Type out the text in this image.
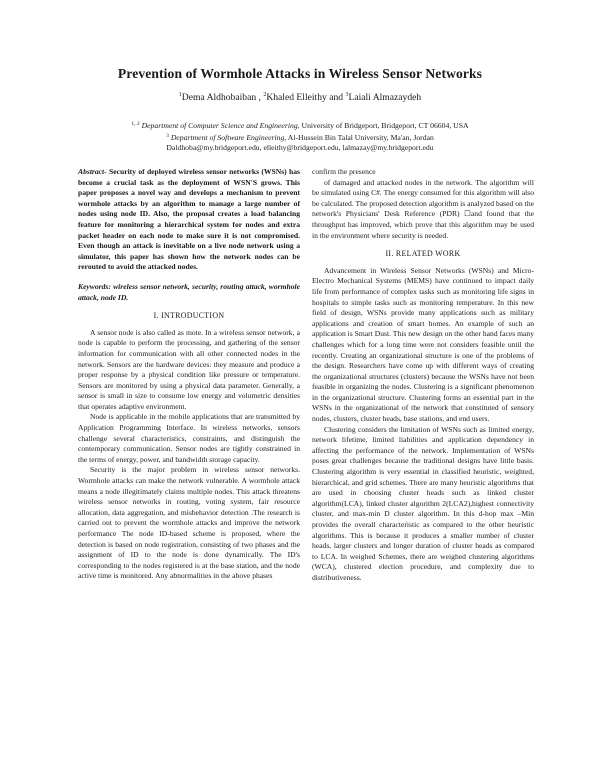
Prevention of Wormhole Attacks in Wireless Sensor Networks
$^1$Dema Aldhobaiban , $^2$Khaled Elleithy and $^3$Laiali Almazaydeh
$^{1, 2}$ Department of Computer Science and Engineering, University of Bridgeport, Bridgeport, CT 06604, USA
$^3$ Department of Software Engineering, Al-Hussein Bin Talal University, Ma'an, Jordan
Daldhoba@my.bridgeport.edu, elleithy@bridgeport.edu, lalmazay@my.bridgeport.edu

Abstract- Security of deployed wireless sensor networks (WSNs) has become a crucial task as the deployment of WSN'S grows. This paper proposes a novel way and develops a mechanism to prevent wormhole attacks by an algorithm to manage a large number of nodes using node ID. Also, the proposal creates a load balancing feature for monitoring a hierarchical system for nodes and extra packet header on each node to make sure it is not compromised. Even though an attack is inevitable on a live node network using a simulator, this paper has shown how the network nodes can be rerouted to avoid the attacked nodes.

Keywords: wireless sensor network, security, routing attack, wormhole attack, node ID.

I. INTRODUCTION

A sensor node is also called as mote. In a wireless sensor network, a node is capable to perform the processing, and gathering of the sensor information for communication with all other connected nodes in the network. Sensors are the hardware devices: they measure and produce a proper response by a physical condition like pressure or temperature. Sensors are monitored by using a physical data parameter. Generally, a sensor is small in size to consume low energy and volumetric densities that operates adaptive environment.

Node is applicable in the mobile applications that are transmitted by Application Programming Interface. In wireless networks, sensors challenge several characteristics, constraints, and distinguish the contemporary communication. Sensor nodes are tightly constrained in the terms of energy, power, and bandwidth storage capacity.

Security is the major problem in wireless sensor networks. Wormhole attacks can make the network vulnerable. A wormhole attack means a node illegitimately claims multiple nodes. This attack threatens wireless sensor networks in routing, voting system, fair resource allocation, data aggregation, and misbehavior detection .The research is carried out to prevent the wormhole attacks and improve the network performance The node ID-based scheme is proposed, where the detection is based on node registration, consisting of two phases and the assignment of ID to the node is done dynamically. The ID's corresponding to the nodes registered is at the base station, and the node active time is monitored. Any abnormalities in the above phases

confirm the presence

of damaged and attacked nodes in the network. The algorithm will be simulated using C#. The energy consumed for this algorithm will also be calculated. The proposed detection algorithm is analyzed based on the network's Physicians' Desk Reference (PDR) ☐and found that the throughput has improved, which prove that this algorithm may be used in the environment where security is needed.

II. RELATED WORK

Advancement in Wireless Sensor Networks (WSNs) and Micro-Electro Mechanical Systems (MEMS) have continued to impact daily life from performance of complex tasks such as monitoring life signs in hospitals to simple tasks such as monitoring temperature. In this new field of design, WSNs provide many applications such as military applications and creation of smart homes. An example of such an application is Smart Dust. This new design on the other hand faces many challenges which for a long time were not considers feasible until the recently. Creating an organizational structure is one of the problems of the design. Researchers have come up with different ways of creating the organizational structures (clusters) because the WSNs have not been feasible in organizing the nodes. Clustering is a significant phenomenon in the organizational structure. Clustering forms an essential part in the WSNs in the organizational of the network that constituted of sensory nodes, clusters, cluster heads, base stations, and end users.

Clustering considers the limitation of WSNs such as limited energy, network lifetime, limited liabilities and application dependency in affecting the performance of the network. Implementation of WSNs poses great challenges because the traditional designs have little basis. Clustering algorithm is very essential in classified heuristic, weighted, hierarchical, and grid schemes. There are many heuristic algorithms that are used in choosing cluster heads such as linked cluster algorithm(LCA), linked cluster algorithm 2(LCA2),highest connectivity cluster, and max-min D cluster algorithm. In this d-hop max –Min provides the overall characteristic as compared to the other heuristic algorithms. This is because it produces a smaller number of cluster heads, larger clusters and longer duration of cluster heads as compared to LCA. In weighed Schemes, there are weighed clustering algorithms (WCA), clustered election procedure, and complexity due to distributiveness.
